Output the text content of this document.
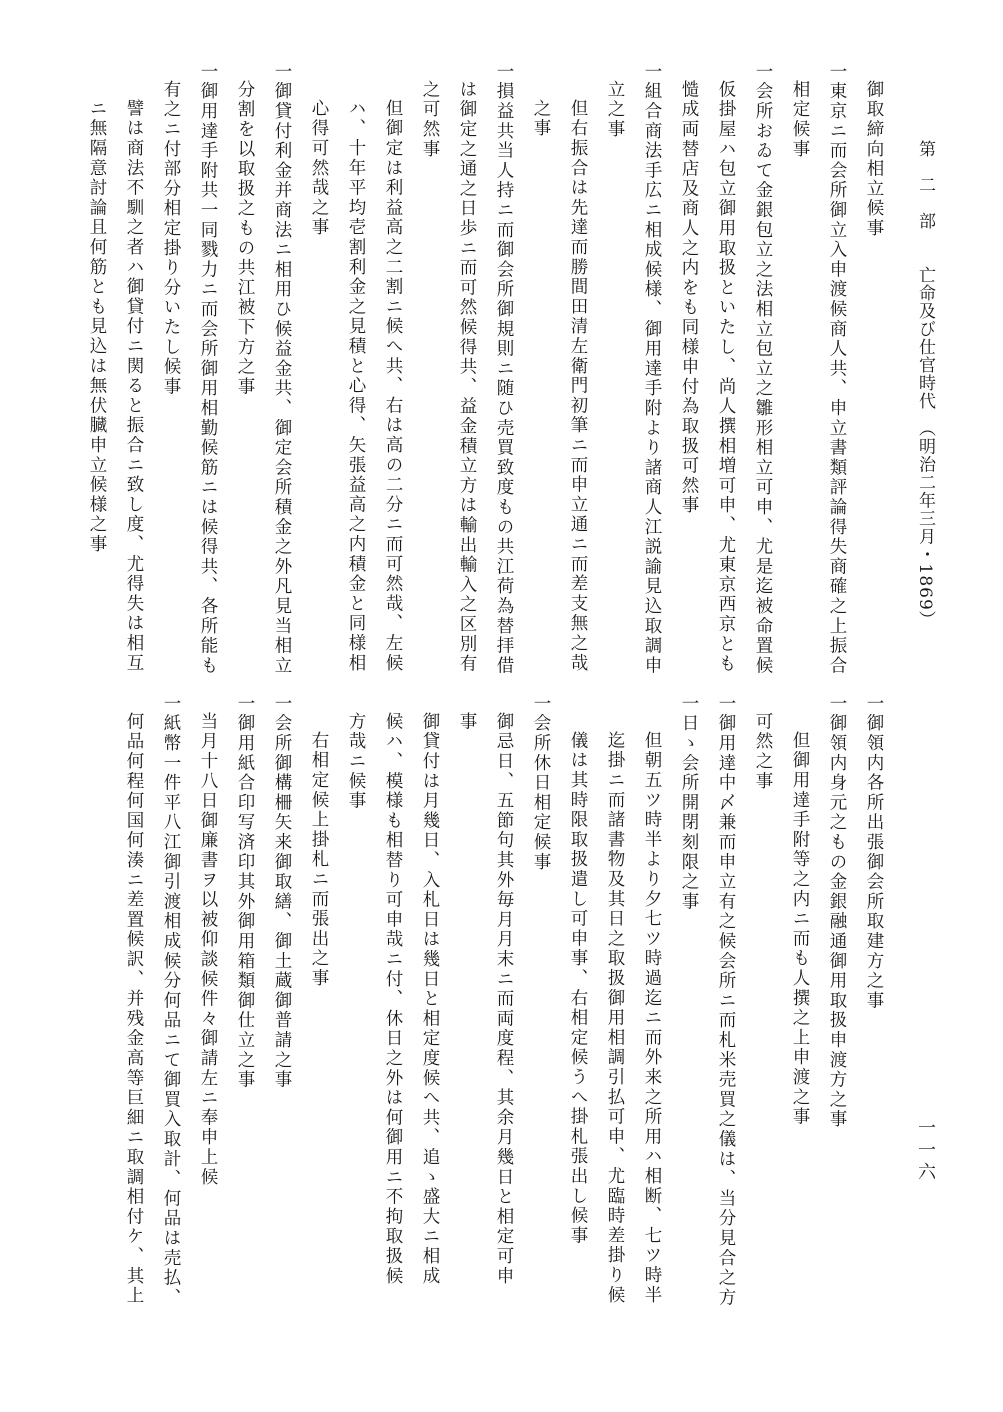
第　二　部　　亡命及び仕官時代　（明治二年三月・1869）
一一六

御取締向相立候事

一東京ニ而会所御立入申渡候商人共、申立書類評論得失商確之上振合

相定候事

一会所おゐて金銀包立之法相立包立之雛形相立可申、尤是迄被命置候

仮掛屋ハ包立御用取扱といたし、尚人撰相増可申、尤東京西京とも

慥成両替店及商人之内をも同様申付為取扱可然事

一組合商法手広ニ相成候様、御用達手附より諸商人江説諭見込取調申

立之事

但右振合は先達而勝間田清左衛門初筆ニ而申立通ニ而差支無之哉

之事

一損益共当人持ニ而御会所御規則ニ随ひ売買致度もの共江荷為替拝借

は御定之通之日歩ニ而可然候得共、益金積立方は輸出輸入之区別有

之可然事

但御定は利益高之二割ニ候へ共、右は高の二分ニ而可然哉、左候

ハ、十年平均壱割利金之見積と心得、矢張益高之内積金と同様相

心得可然哉之事

一御貸付利金并商法ニ相用ひ候益金共、御定会所積金之外凡見当相立

分割を以取扱之もの共江被下方之事

一御用達手附共一同戮力ニ而会所御用相勤候筋ニは候得共、各所能も

有之ニ付部分相定掛り分いたし候事

譬は商法不馴之者ハ御貸付ニ関ると振合ニ致し度、尤得失は相互

ニ無隔意討論且何筋とも見込は無伏臓申立候様之事

一御領内各所出張御会所取建方之事

一御領内身元之もの金銀融通御用取扱申渡方之事

但御用達手附等之内ニ而も人撰之上申渡之事

可然之事

一御用達中〆兼而申立有之候会所ニ而札米売買之儀は、当分見合之方

一日ゝ会所開閉刻限之事

但朝五ツ時半より夕七ツ時過迄ニ而外来之所用ハ相断、七ツ時半

迄掛ニ而諸書物及其日之取扱御用相調引払可申、尤臨時差掛り候

儀は其時限取扱遣し可申事、右相定候うへ掛札張出し候事

一会所休日相定候事

御忌日、五節句其外毎月月末ニ而両度程、其余月幾日と相定可申

事

御貸付は月幾日、入札日は幾日と相定度候へ共、追ゝ盛大ニ相成

候ハ、模様も相替り可申哉ニ付、休日之外は何御用ニ不拘取扱候

方哉ニ候事

右相定候上掛札ニ而張出之事

一会所御構柵矢来御取繕、御土蔵御普請之事

一御用紙合印写済印其外御用箱類御仕立之事

当月十八日御廉書ヲ以被仰談候件々御請左ニ奉申上候

一紙幣一件平八江御引渡相成候分何品ニて御買入取計、何品は売払、

何品何程何国何湊ニ差置候訳、并残金高等巨細ニ取調相付ケ、其上
